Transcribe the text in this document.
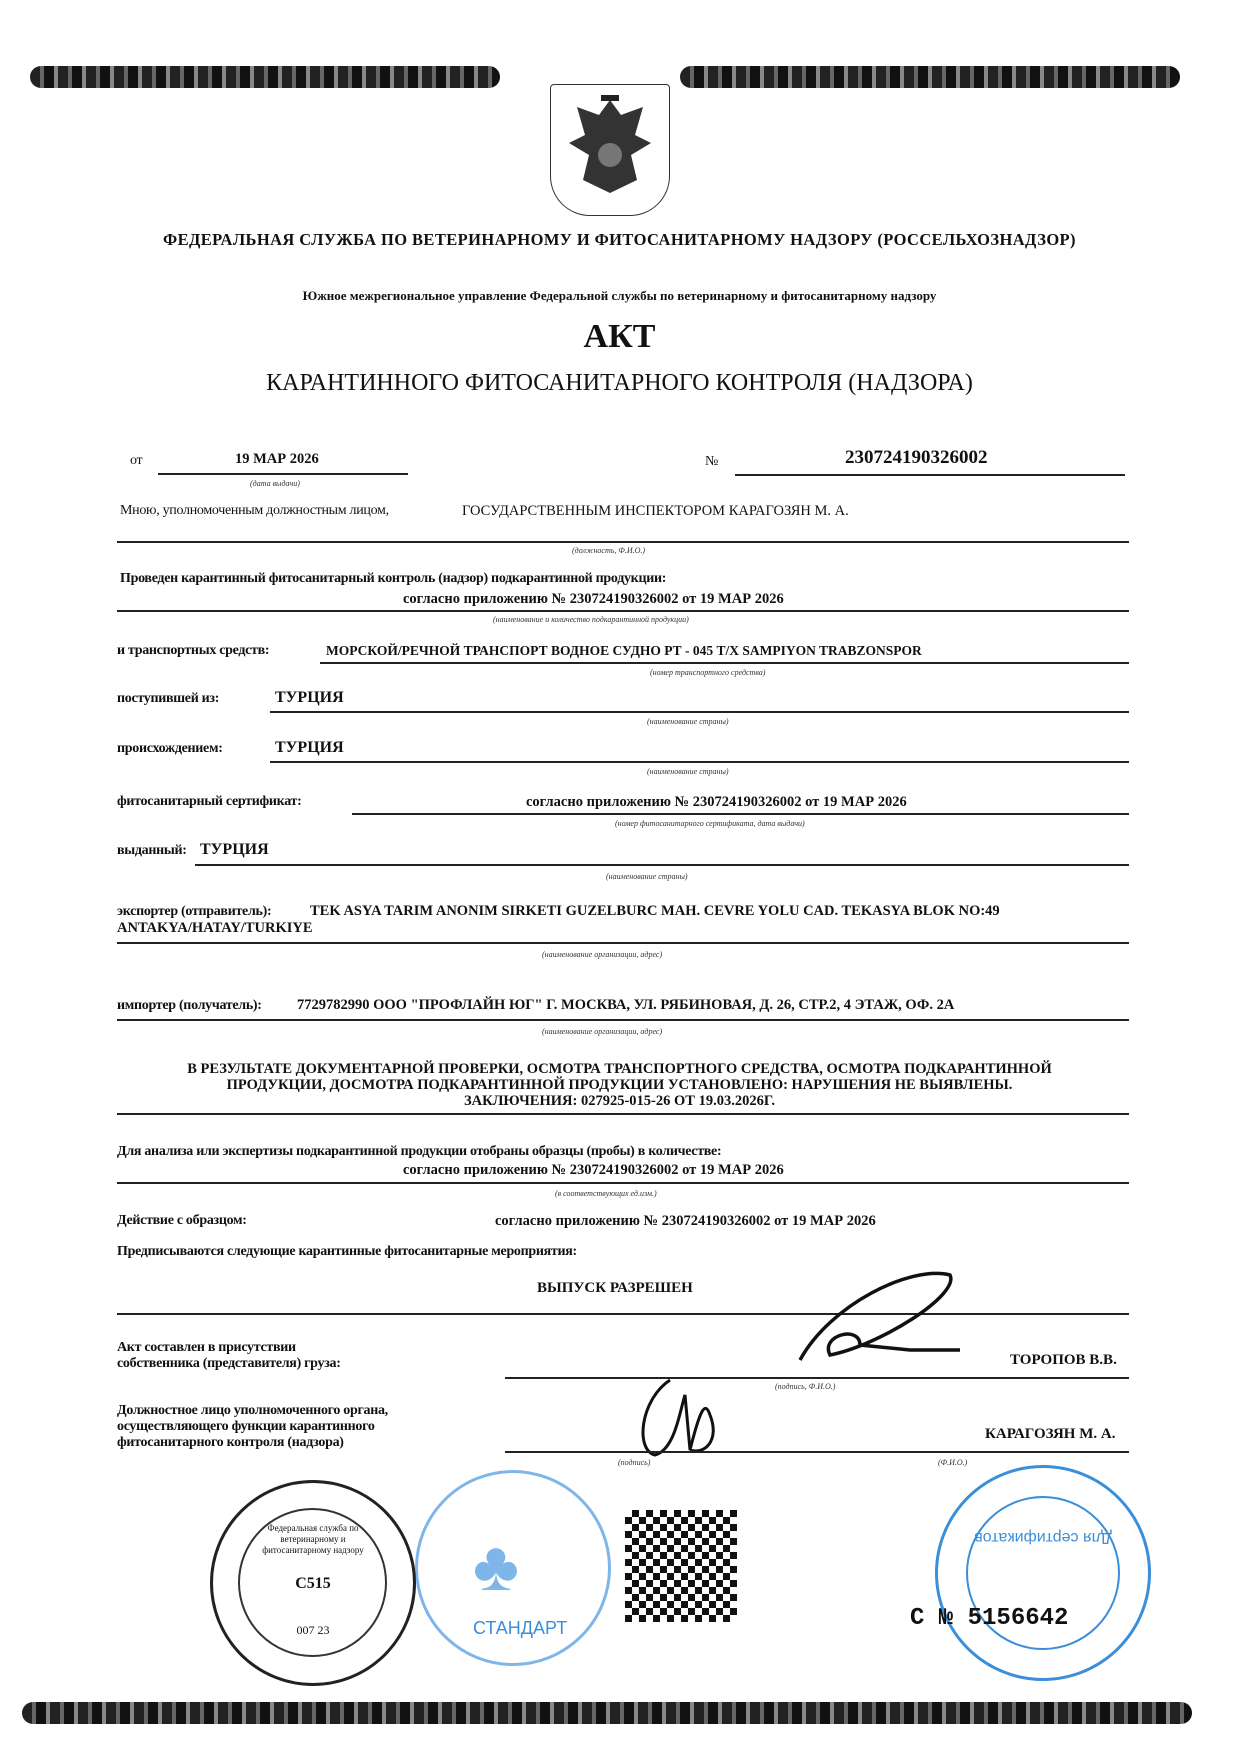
ФЕДЕРАЛЬНАЯ СЛУЖБА ПО ВЕТЕРИНАРНОМУ И ФИТОСАНИТАРНОМУ НАДЗОРУ (РОССЕЛЬХОЗНАДЗОР)
Южное межрегиональное управление Федеральной службы по ветеринарному и фитосанитарному надзору
АКТ
КАРАНТИННОГО ФИТОСАНИТАРНОГО КОНТРОЛЯ (НАДЗОРА)
от	19 МАР 2026
(дата выдачи)
№	230724190326002
Мною, уполномоченным должностным лицом,	ГОСУДАРСТВЕННЫМ ИНСПЕКТОРОМ КАРАГОЗЯН М. А.
(должность, Ф.И.О.)
Проведен карантинный фитосанитарный контроль (надзор) подкарантинной продукции:
согласно приложению № 230724190326002 от 19 МАР 2026
(наименование и количество подкарантинной продукции)
и транспортных средств:	МОРСКОЙ/РЕЧНОЙ ТРАНСПОРТ ВОДНОЕ СУДНО РТ - 045 T/X SAMPIYON TRABZONSPOR
(номер транспортного средства)
поступившей из:	ТУРЦИЯ
(наименование страны)
происхождением:	ТУРЦИЯ
(наименование страны)
фитосанитарный сертификат:	согласно приложению № 230724190326002 от 19 МАР 2026
(номер фитосанитарного сертификата, дата выдачи)
выданный: ТУРЦИЯ
(наименование страны)
экспортер (отправитель):	TEK ASYA TARIM ANONIM SIRKETI GUZELBURC MAH. CEVRE YOLU CAD. TEKASYA BLOK NO:49
ANTAKYA/HATAY/TURKIYE
(наименование организации, адрес)
импортер (получатель): 7729782990 ООО "ПРОФЛАЙН ЮГ" Г. МОСКВА, УЛ. РЯБИНОВАЯ, Д. 26, СТР.2, 4 ЭТАЖ, ОФ. 2А
(наименование организации, адрес)
В РЕЗУЛЬТАТЕ ДОКУМЕНТАРНОЙ ПРОВЕРКИ, ОСМОТРА ТРАНСПОРТНОГО СРЕДСТВА, ОСМОТРА ПОДКАРАНТИННОЙ
ПРОДУКЦИИ, ДОСМОТРА ПОДКАРАНТИННОЙ ПРОДУКЦИИ УСТАНОВЛЕНО: НАРУШЕНИЯ НЕ ВЫЯВЛЕНЫ.
ЗАКЛЮЧЕНИЯ: 027925-015-26 ОТ 19.03.2026Г.
Для анализа или экспертизы подкарантинной продукции отобраны образцы (пробы) в количестве:
согласно приложению № 230724190326002 от 19 МАР 2026
(в соответствующих ед.изм.)
Действие с образцом:	согласно приложению № 230724190326002 от 19 МАР 2026
Предписываются следующие карантинные фитосанитарные мероприятия:
ВЫПУСК РАЗРЕШЕН
Акт составлен в присутствии
собственника (представителя) груза:	ТОРОПОВ В.В.
(подпись, Ф.И.О.)
Должностное лицо уполномоченного органа,
осуществляющего функции карантинного
фитосанитарного контроля (надзора)
КАРАГОЗЯН М. А.
(подпись)	(Ф.И.О.)
♣
СТАНДАРТ
Федеральная служба по ветеринарному и фитосанитарному надзору
С515
007 23
Для сертификатов
С № 5156642
